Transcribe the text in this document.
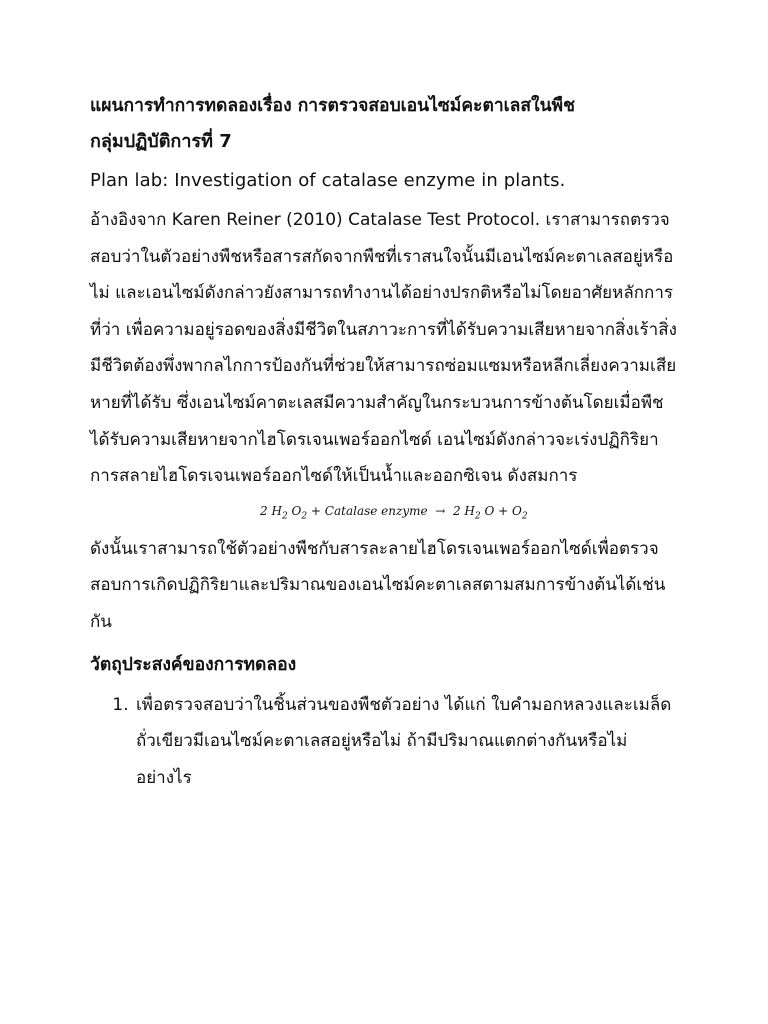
แผนการทำการทดลองเรื่อง การตรวจสอบเอนไซม์คะตาเลสในพืช

กลุ่มปฏิบัติการที่ 7

Plan lab: Investigation of catalase enzyme in plants.

อ้างอิงจาก Karen Reiner (2010) Catalase Test Protocol. เราสามารถตรวจสอบว่าในตัวอย่างพืชหรือสารสกัดจากพืชที่เราสนใจนั้นมีเอนไซม์คะตาเลสอยู่หรือไม่ และเอนไซม์ดังกล่าวยังสามารถทำงานได้อย่างปรกติหรือไม่โดยอาศัยหลักการที่ว่า เพื่อความอยู่รอดของสิ่งมีชีวิตในสภาวะการที่ได้รับความเสียหายจากสิ่งเร้าสิ่งมีชีวิตต้องพึ่งพากลไกการป้องกันที่ช่วยให้สามารถซ่อมแซมหรือหลีกเลี่ยงความเสียหายที่ได้รับ ซึ่งเอนไซม์คาตะเลสมีความสำคัญในกระบวนการข้างต้นโดยเมื่อพืชได้รับความเสียหายจากไฮโดรเจนเพอร์ออกไซด์ เอนไซม์ดังกล่าวจะเร่งปฏิกิริยาการสลายไฮโดรเจนเพอร์ออกไซด์ให้เป็นน้ำและออกซิเจน ดังสมการ

2 $H_2$ $O_2$ + Catalase enzyme → 2 $H_2$ $O + O_2$

ดังนั้นเราสามารถใช้ตัวอย่างพืชกับสารละลายไฮโดรเจนเพอร์ออกไซด์เพื่อตรวจสอบการเกิดปฏิกิริยาและปริมาณของเอนไซม์คะตาเลสตามสมการข้างต้นได้เช่นกัน

วัตถุประสงค์ของการทดลอง

1. เพื่อตรวจสอบว่าในชิ้นส่วนของพืชตัวอย่าง ได้แก่ ใบคำมอกหลวงและเมล็ดถั่วเขียวมีเอนไซม์คะตาเลสอยู่หรือไม่ ถ้ามีปริมาณแตกต่างกันหรือไม่อย่างไร
